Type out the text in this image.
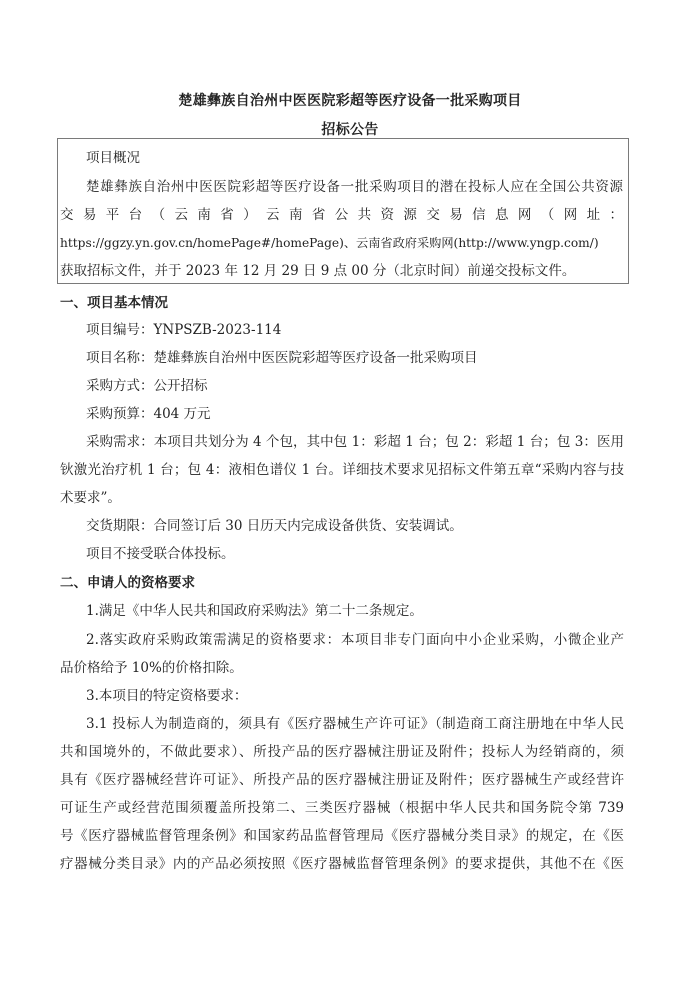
楚雄彝族自治州中医医院彩超等医疗设备一批采购项目
招标公告
项目概况
楚雄彝族自治州中医医院彩超等医疗设备一批采购项目的潜在投标人应在全国公共资源
交易平台（云南省）云南省公共资源交易信息网（网址：
https://ggzy.yn.gov.cn/homePage#/homePage)、云南省政府采购网(http://www.yngp.com/)
获取招标文件，并于 2023 年 12 月 29 日 9 点 00 分（北京时间）前递交投标文件。
一、项目基本情况
项目编号：YNPSZB-2023-114
项目名称：楚雄彝族自治州中医医院彩超等医疗设备一批采购项目
采购方式：公开招标
采购预算：404 万元
采购需求：本项目共划分为 4 个包，其中包 1：彩超 1 台；包 2：彩超 1 台；包 3：医用
钬激光治疗机 1 台；包 4：液相色谱仪 1 台。详细技术要求见招标文件第五章“采购内容与技
术要求”。
交货期限：合同签订后 30 日历天内完成设备供货、安装调试。
项目不接受联合体投标。
二、申请人的资格要求
1.满足《中华人民共和国政府采购法》第二十二条规定。
2.落实政府采购政策需满足的资格要求：本项目非专门面向中小企业采购，小微企业产
品价格给予 10%的价格扣除。
3.本项目的特定资格要求：
3.1 投标人为制造商的，须具有《医疗器械生产许可证》（制造商工商注册地在中华人民
共和国境外的，不做此要求）、所投产品的医疗器械注册证及附件；投标人为经销商的，须
具有《医疗器械经营许可证》、所投产品的医疗器械注册证及附件；医疗器械生产或经营许
可证生产或经营范围须覆盖所投第二、三类医疗器械（根据中华人民共和国务院令第 739
号《医疗器械监督管理条例》和国家药品监督管理局《医疗器械分类目录》的规定，在《医
疗器械分类目录》内的产品必须按照《医疗器械监督管理条例》的要求提供，其他不在《医
